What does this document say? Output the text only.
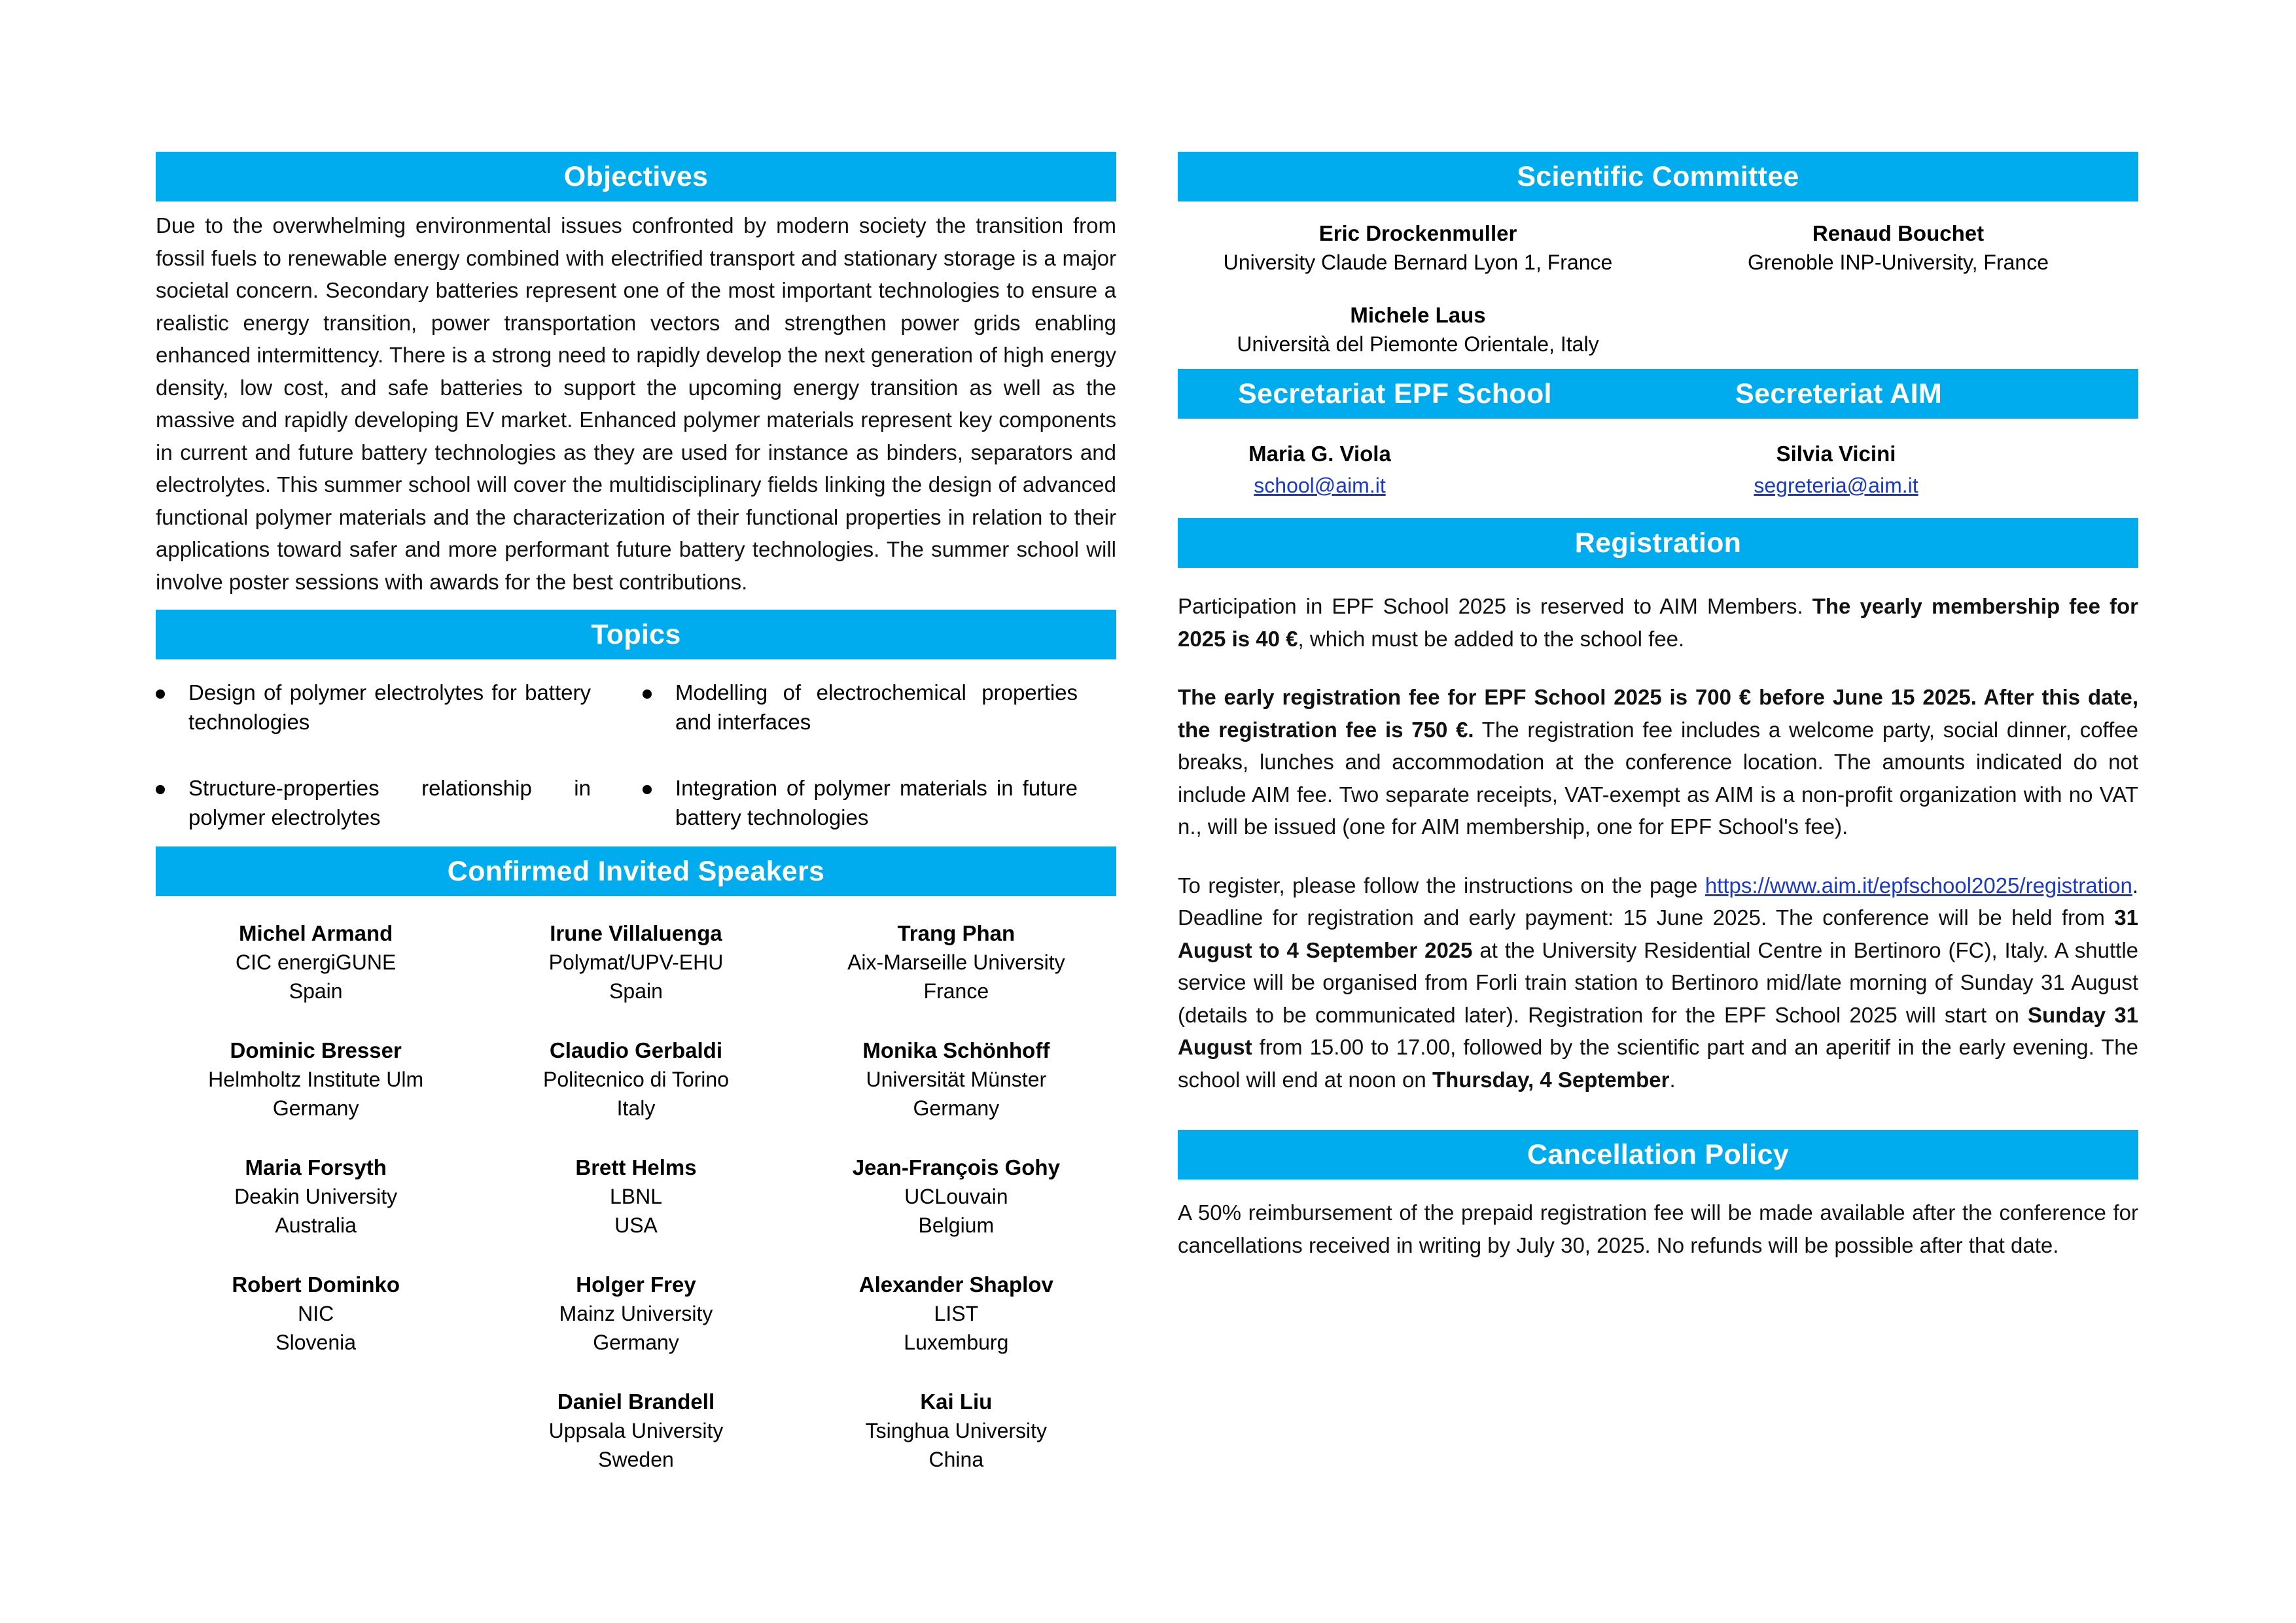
Objectives

Due to the overwhelming environmental issues confronted by modern society the transition from fossil fuels to renewable energy combined with electrified transport and stationary storage is a major societal concern. Secondary batteries represent one of the most important technologies to ensure a realistic energy transition, power transportation vectors and strengthen power grids enabling enhanced intermittency. There is a strong need to rapidly develop the next generation of high energy density, low cost, and safe batteries to support the upcoming energy transition as well as the massive and rapidly developing EV market. Enhanced polymer materials represent key components in current and future battery technologies as they are used for instance as binders, separators and electrolytes. This summer school will cover the multidisciplinary fields linking the design of advanced functional polymer materials and the characterization of their functional properties in relation to their applications toward safer and more performant future battery technologies. The summer school will involve poster sessions with awards for the best contributions.

Topics
Design of polymer electrolytes for battery technologies
Modelling of electrochemical properties and interfaces
Structure-properties relationship in polymer electrolytes
Integration of polymer materials in future battery technologies
Confirmed Invited Speakers
Michel Armand
CIC energiGUNE
Spain
Irune Villaluenga
Polymat/UPV-EHU
Spain
Trang Phan
Aix-Marseille University
France
Dominic Bresser
Helmholtz Institute Ulm
Germany
Claudio Gerbaldi
Politecnico di Torino
Italy
Monika Schönhoff
Universität Münster
Germany
Maria Forsyth
Deakin University
Australia
Brett Helms
LBNL
USA
Jean-François Gohy
UCLouvain
Belgium
Robert Dominko
NIC
Slovenia
Holger Frey
Mainz University
Germany
Alexander Shaplov
LIST
Luxemburg
Daniel Brandell
Uppsala University
Sweden
Kai Liu
Tsinghua University
China
Scientific Committee
Eric Drockenmuller
University Claude Bernard Lyon 1, France
Renaud Bouchet
Grenoble INP-University, France
Michele Laus
Università del Piemonte Orientale, Italy
Secretariat EPF School	Secreteriat AIM
Maria G. Viola
school@aim.it
Silvia Vicini
segreteria@aim.it
Registration

Participation in EPF School 2025 is reserved to AIM Members. The yearly membership fee for 2025 is 40 €, which must be added to the school fee.

The early registration fee for EPF School 2025 is 700 € before June 15 2025. After this date, the registration fee is 750 €. The registration fee includes a welcome party, social dinner, coffee breaks, lunches and accommodation at the conference location. The amounts indicated do not include AIM fee. Two separate receipts, VAT-exempt as AIM is a non-profit organization with no VAT n., will be issued (one for AIM membership, one for EPF School's fee).

To register, please follow the instructions on the page https://www.aim.it/epfschool2025/registration. Deadline for registration and early payment: 15 June 2025. The conference will be held from 31 August to 4 September 2025 at the University Residential Centre in Bertinoro (FC), Italy. A shuttle service will be organised from Forli train station to Bertinoro mid/late morning of Sunday 31 August (details to be communicated later). Registration for the EPF School 2025 will start on Sunday 31 August from 15.00 to 17.00, followed by the scientific part and an aperitif in the early evening. The school will end at noon on Thursday, 4 September.

Cancellation Policy

A 50% reimbursement of the prepaid registration fee will be made available after the conference for cancellations received in writing by July 30, 2025. No refunds will be possible after that date.
